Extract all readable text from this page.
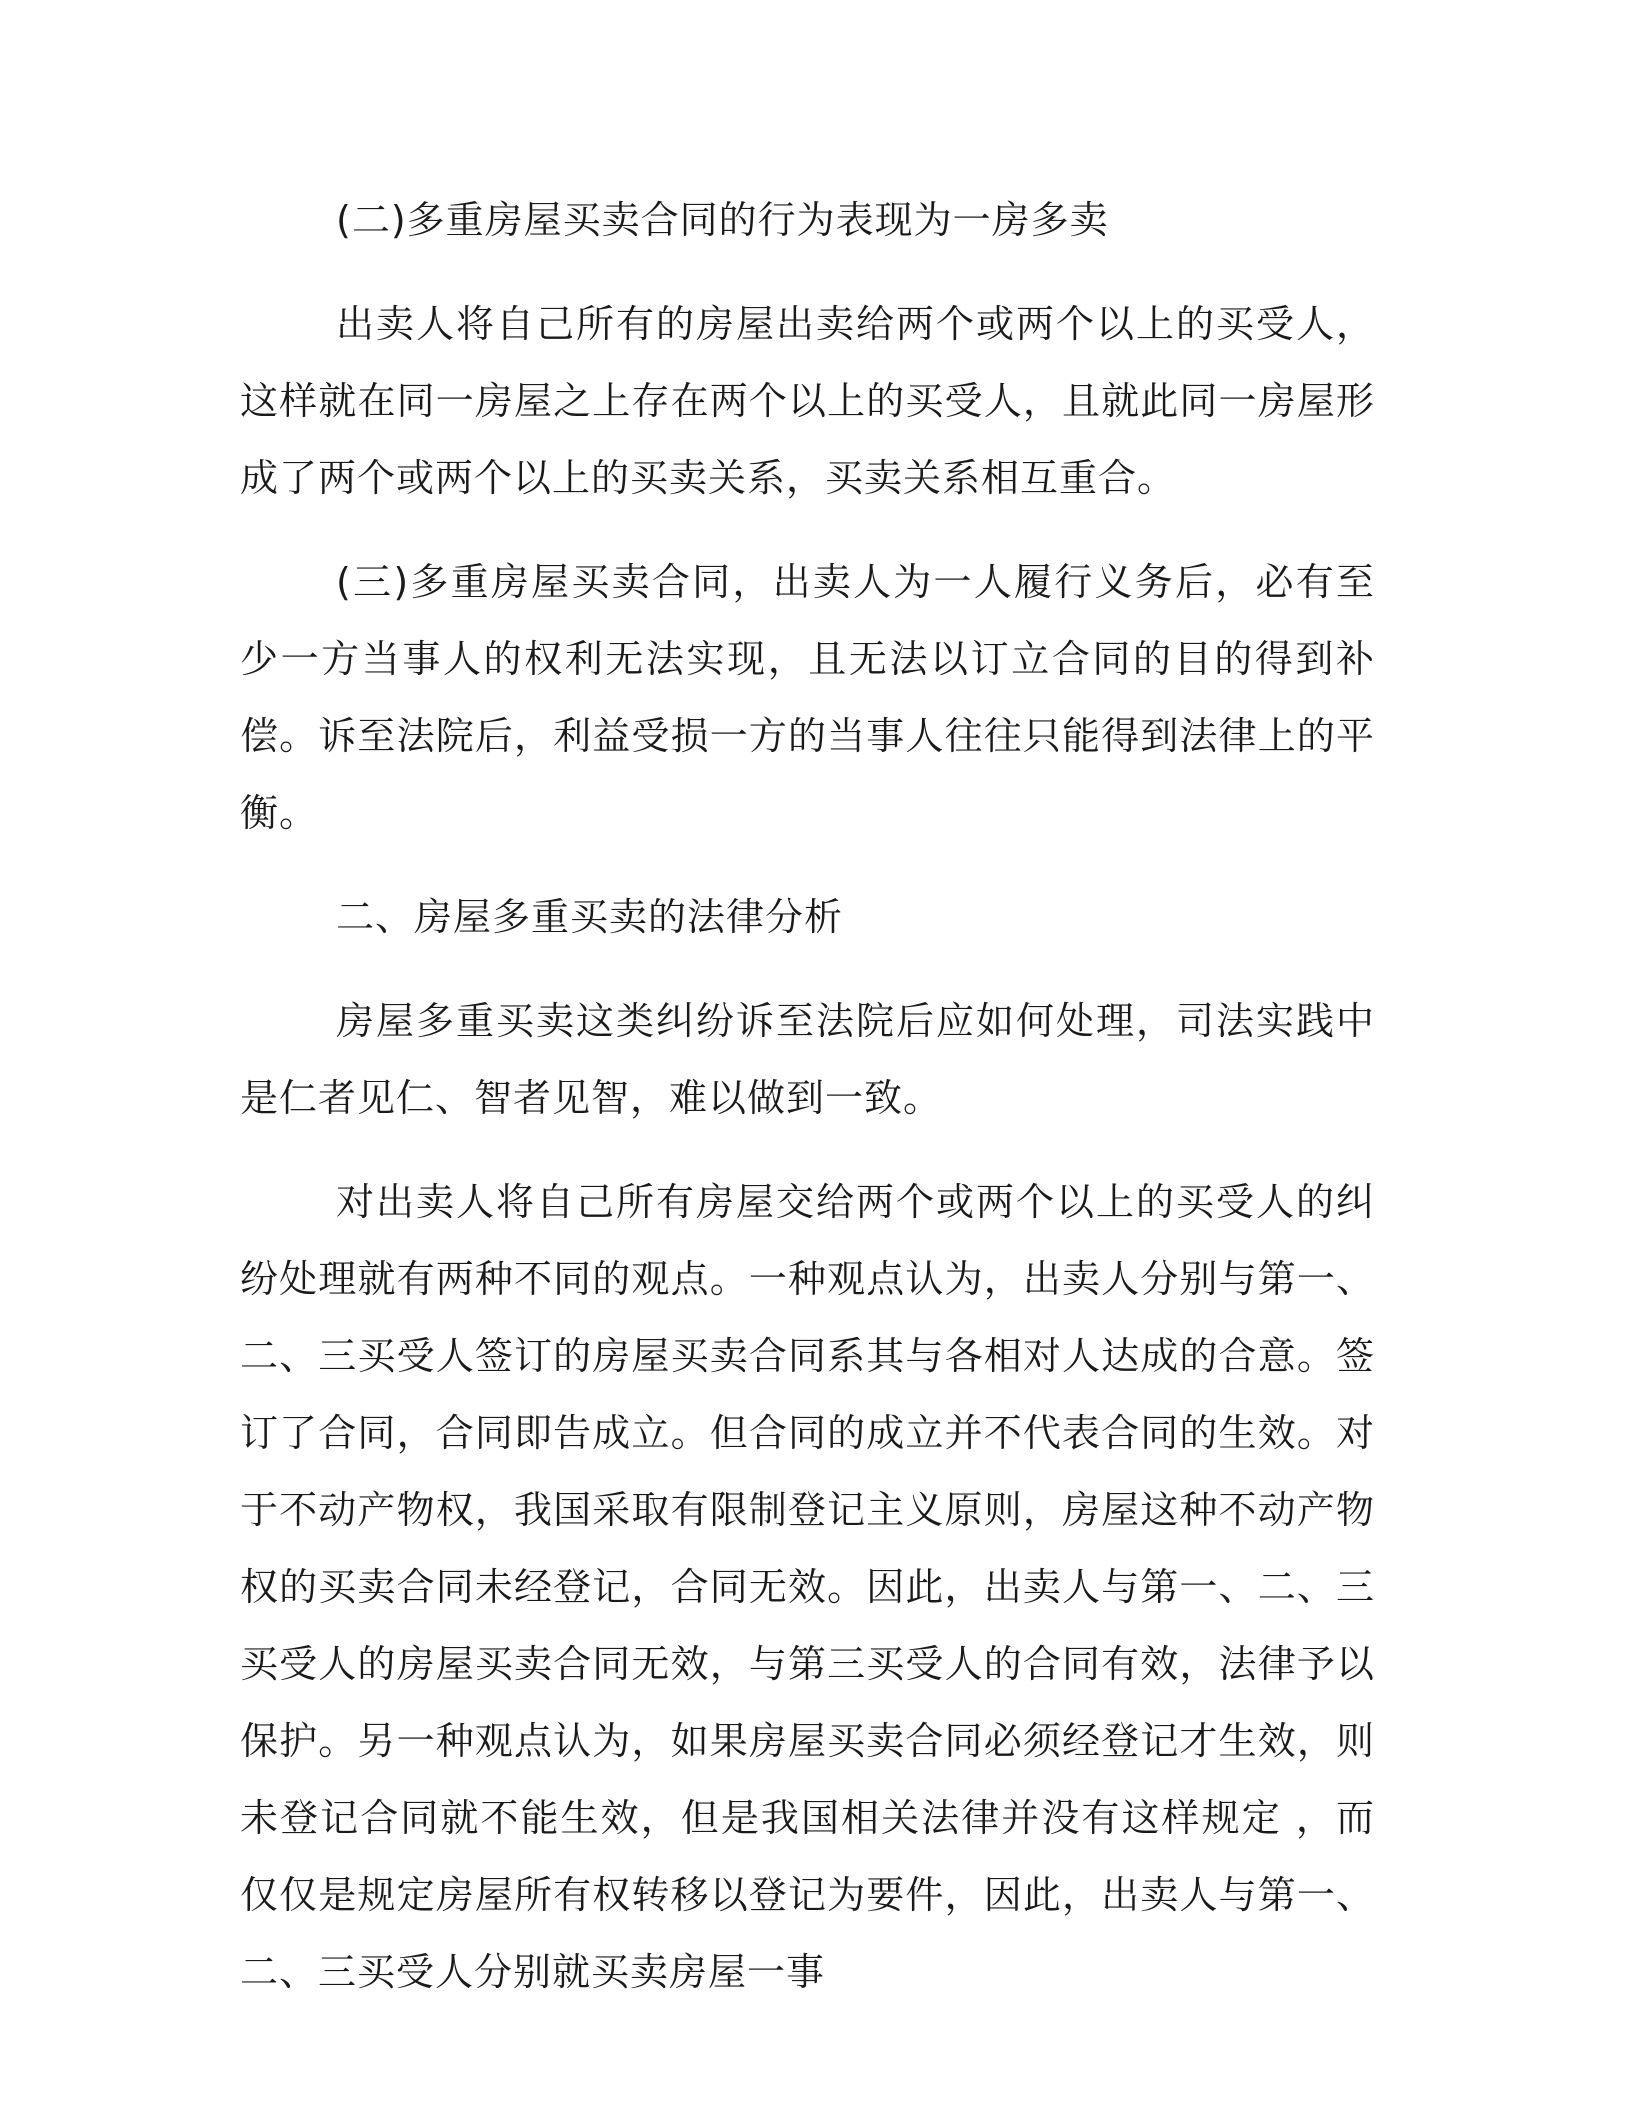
(二)多重房屋买卖合同的行为表现为一房多卖

出卖人将自己所有的房屋出卖给两个或两个以上的买受人，这样就在同一房屋之上存在两个以上的买受人，且就此同一房屋形成了两个或两个以上的买卖关系，买卖关系相互重合。

(三)多重房屋买卖合同，出卖人为一人履行义务后，必有至少一方当事人的权利无法实现，且无法以订立合同的目的得到补偿。诉至法院后，利益受损一方的当事人往往只能得到法律上的平衡。

二、房屋多重买卖的法律分析

房屋多重买卖这类纠纷诉至法院后应如何处理，司法实践中是仁者见仁、智者见智，难以做到一致。

对出卖人将自己所有房屋交给两个或两个以上的买受人的纠纷处理就有两种不同的观点。一种观点认为，出卖人分别与第一、二、三买受人签订的房屋买卖合同系其与各相对人达成的合意。签订了合同，合同即告成立。但合同的成立并不代表合同的生效。对于不动产物权，我国采取有限制登记主义原则，房屋这种不动产物权的买卖合同未经登记，合同无效。因此，出卖人与第一、二、三买受人的房屋买卖合同无效，与第三买受人的合同有效，法律予以保护。另一种观点认为，如果房屋买卖合同必须经登记才生效，则未登记合同就不能生效，但是我国相关法律并没有这样规定 ，而仅仅是规定房屋所有权转移以登记为要件，因此，出卖人与第一、二、三买受人分别就买卖房屋一事
